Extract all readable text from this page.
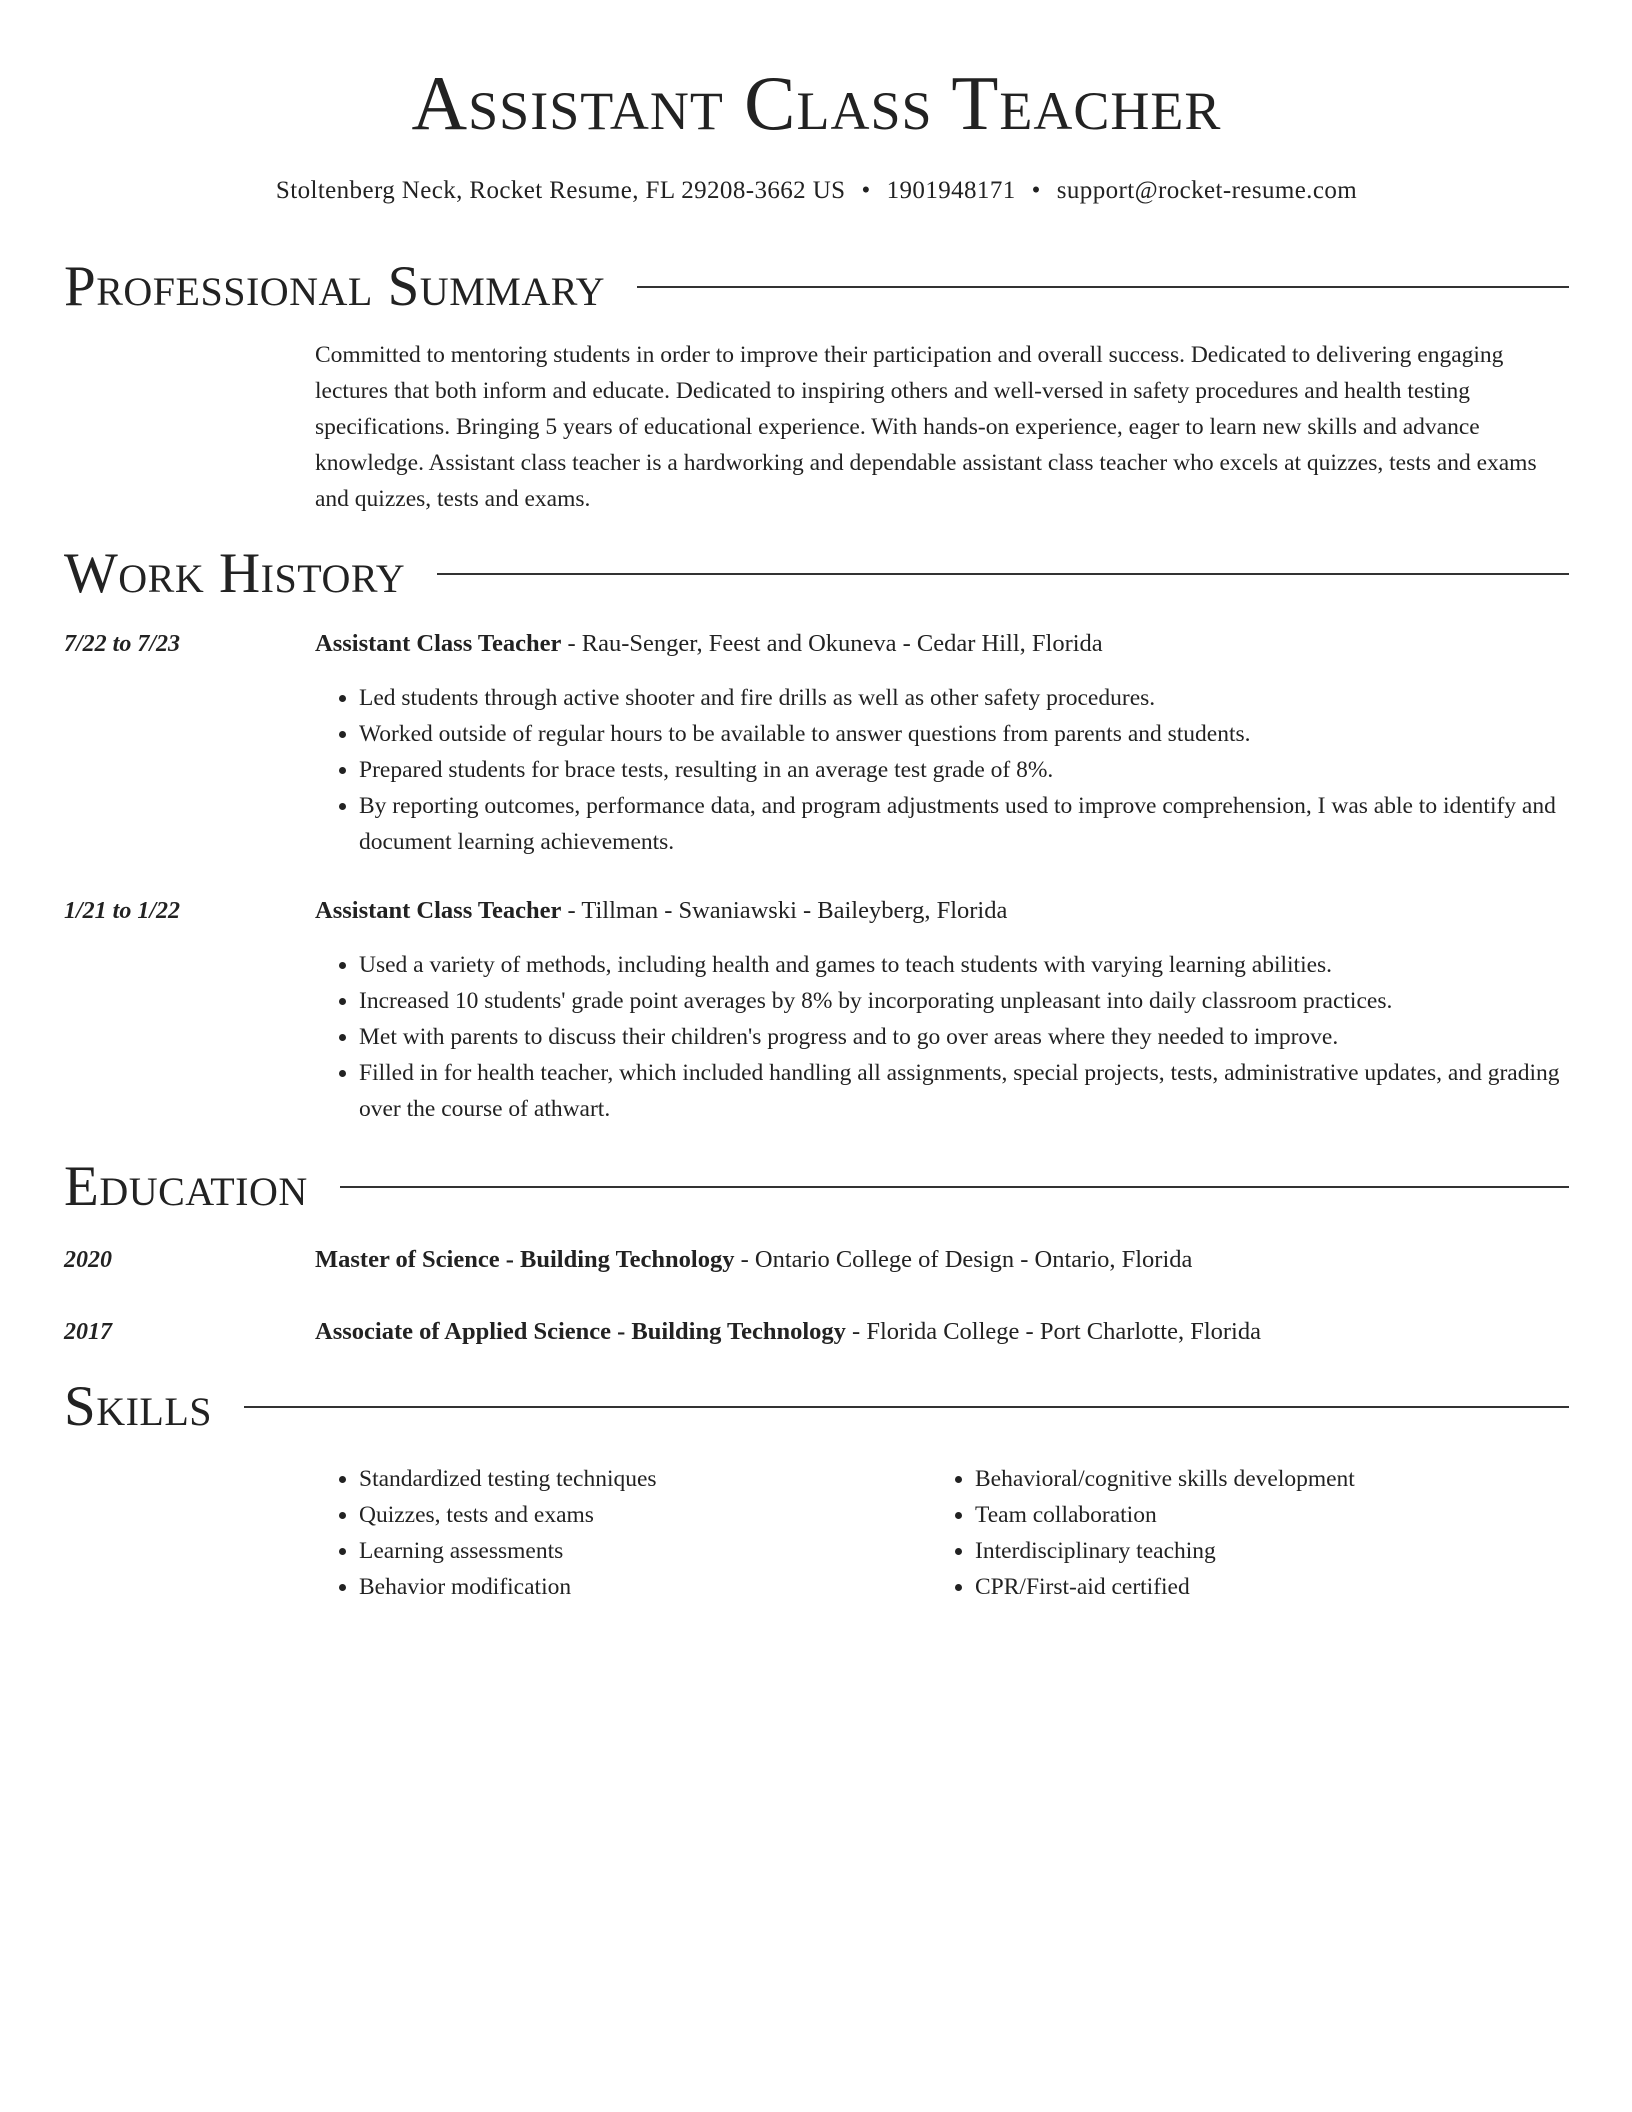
Assistant Class Teacher
Stoltenberg Neck, Rocket Resume, FL 29208-3662 US • 1901948171 • support@rocket-resume.com
Professional Summary
Committed to mentoring students in order to improve their participation and overall success. Dedicated to delivering engaging lectures that both inform and educate. Dedicated to inspiring others and well-versed in safety procedures and health testing specifications. Bringing 5 years of educational experience. With hands-on experience, eager to learn new skills and advance knowledge. Assistant class teacher is a hardworking and dependable assistant class teacher who excels at quizzes, tests and exams and quizzes, tests and exams.
Work History
7/22 to 7/23	Assistant Class Teacher - Rau-Senger, Feest and Okuneva - Cedar Hill, Florida
• Led students through active shooter and fire drills as well as other safety procedures.
• Worked outside of regular hours to be available to answer questions from parents and students.
• Prepared students for brace tests, resulting in an average test grade of 8%.
• By reporting outcomes, performance data, and program adjustments used to improve comprehension, I was able to identify and document learning achievements.
1/21 to 1/22	Assistant Class Teacher - Tillman - Swaniawski - Baileyberg, Florida
• Used a variety of methods, including health and games to teach students with varying learning abilities.
• Increased 10 students' grade point averages by 8% by incorporating unpleasant into daily classroom practices.
• Met with parents to discuss their children's progress and to go over areas where they needed to improve.
• Filled in for health teacher, which included handling all assignments, special projects, tests, administrative updates, and grading over the course of athwart.
Education
2020	Master of Science - Building Technology - Ontario College of Design - Ontario, Florida
2017	Associate of Applied Science - Building Technology - Florida College - Port Charlotte, Florida
Skills
• Standardized testing techniques
• Quizzes, tests and exams
• Learning assessments
• Behavior modification
• Behavioral/cognitive skills development
• Team collaboration
• Interdisciplinary teaching
• CPR/First-aid certified
